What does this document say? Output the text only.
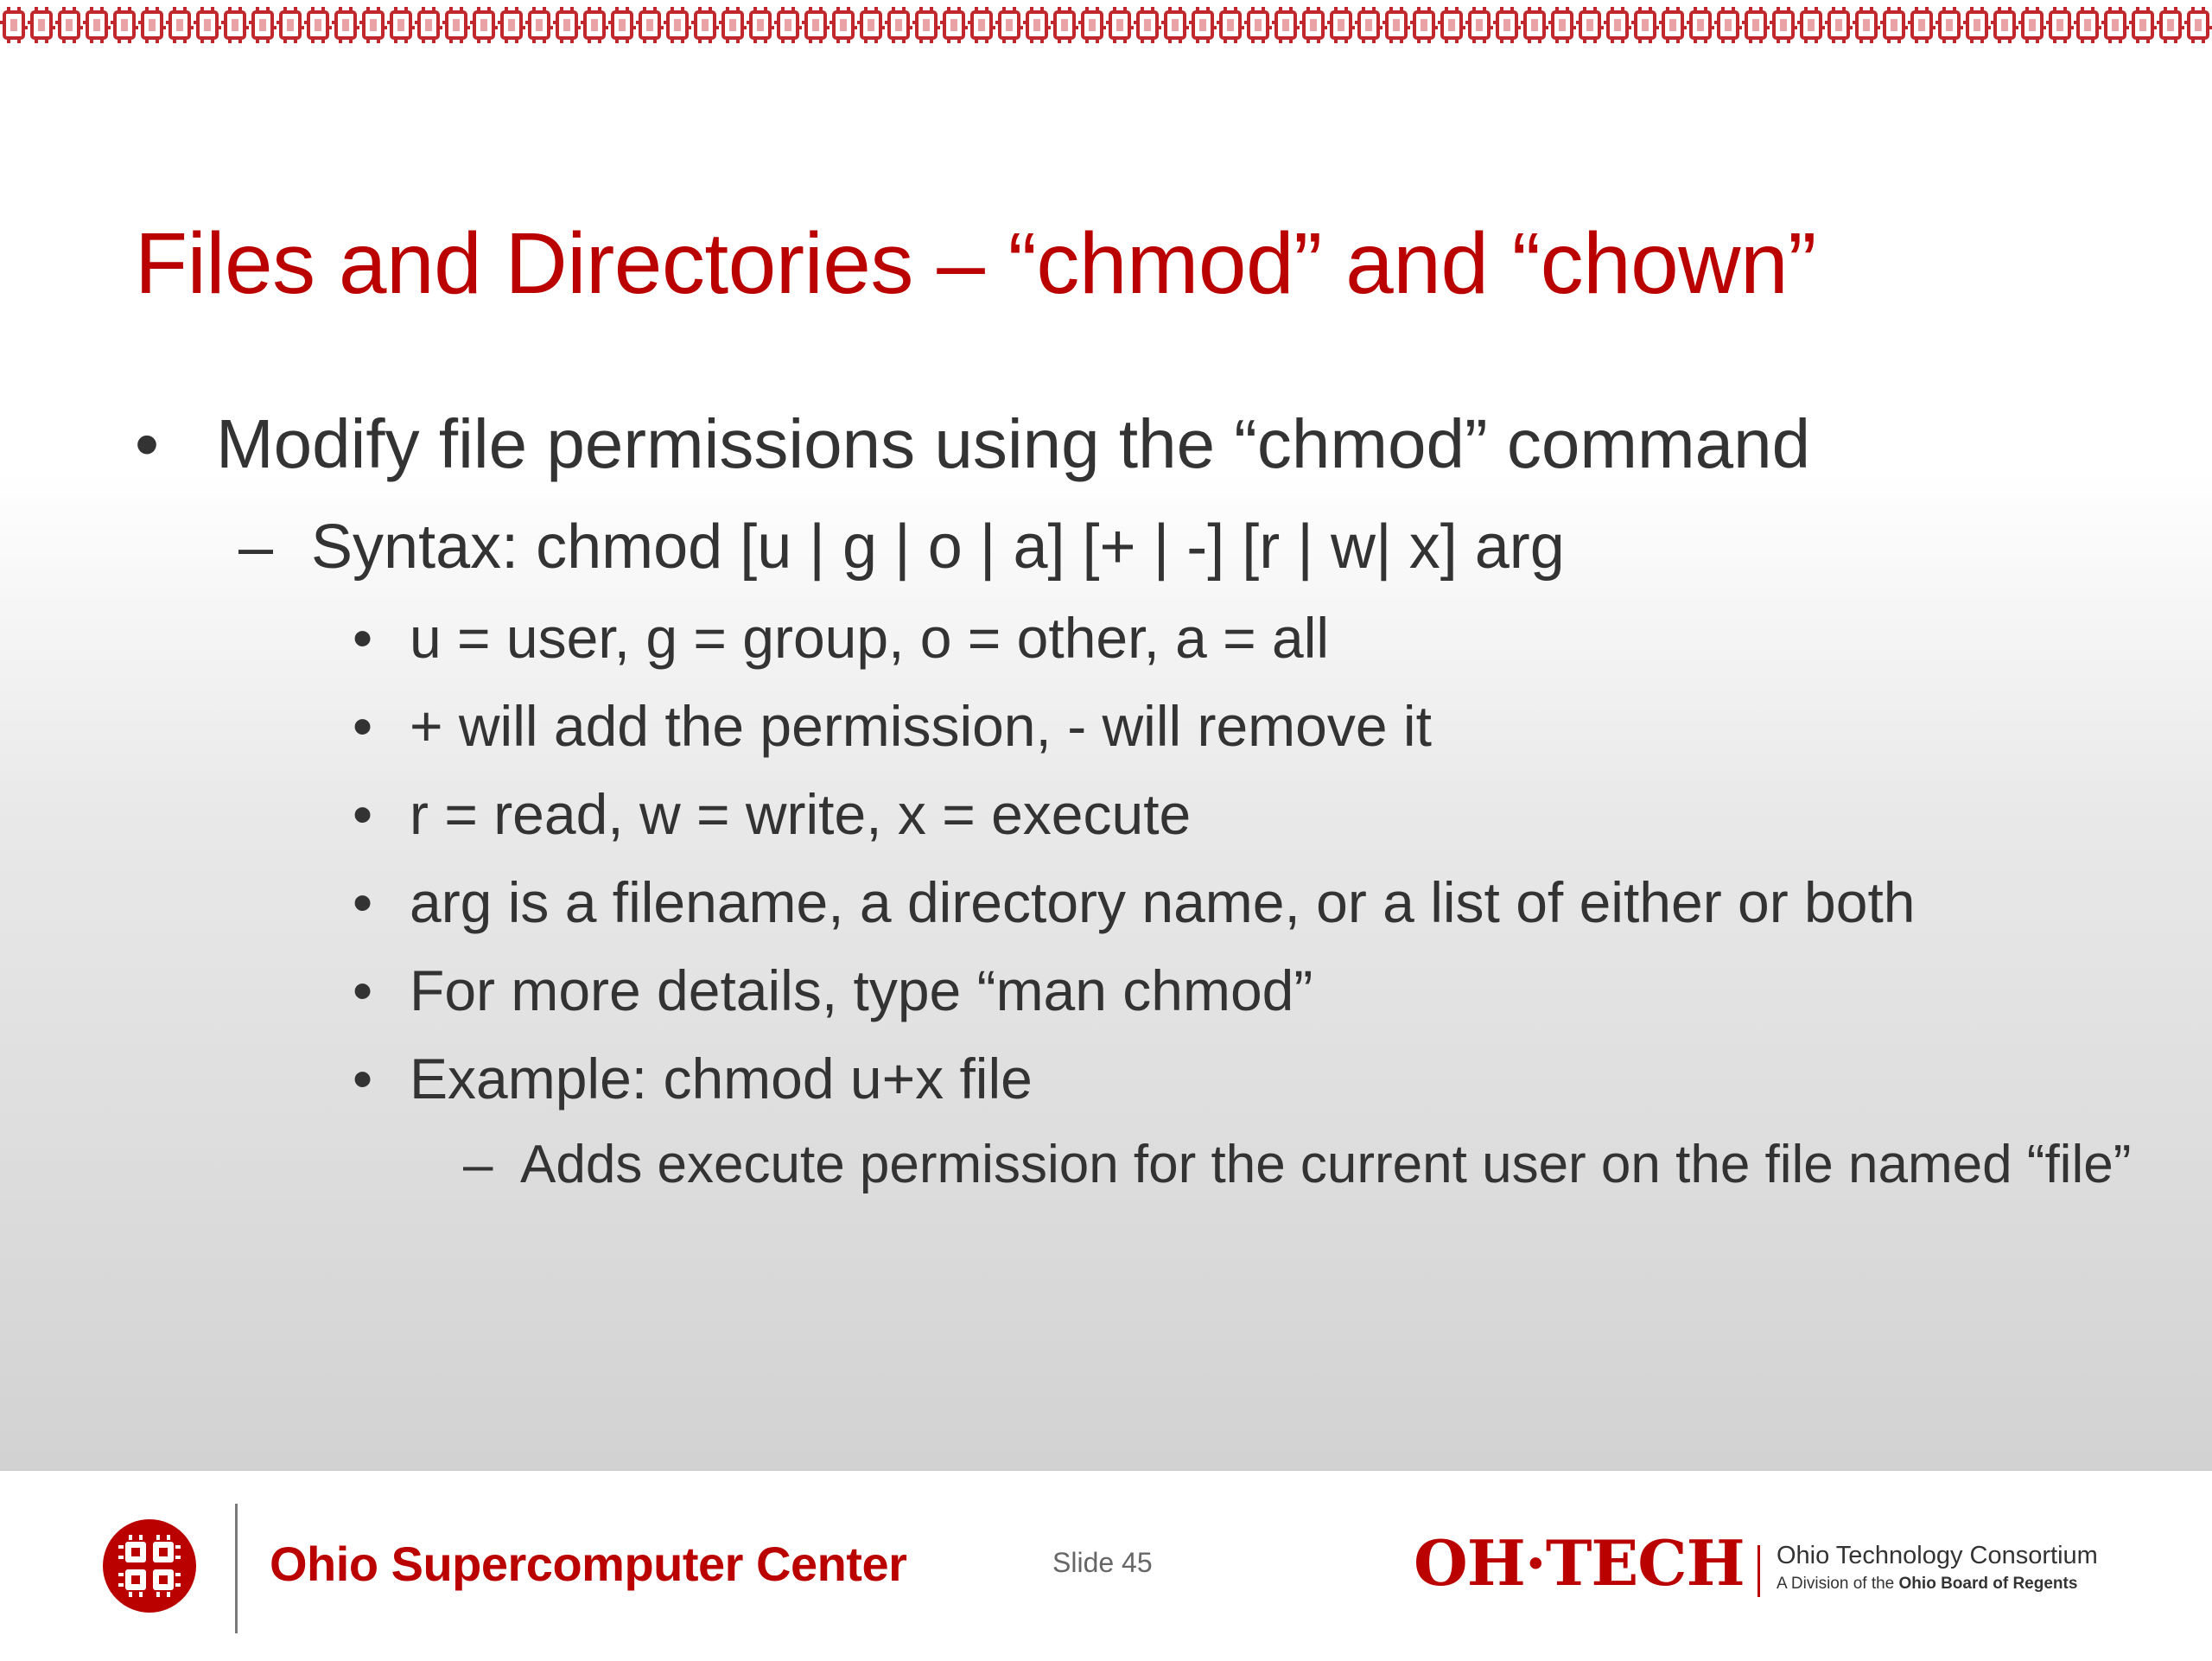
Files and Directories – “chmod” and “chown”
• Modify file permissions using the “chmod” command
– Syntax: chmod [u | g | o | a] [+ | -] [r | w| x] arg
• u = user, g = group, o = other, a = all
• + will add the permission, - will remove it
• r = read, w = write, x = execute
• arg is a filename, a directory name, or a list of either or both
• For more details, type “man chmod”
• Example: chmod u+x file
– Adds execute permission for the current user on the file named “file”
Ohio Supercomputer Center	Slide 45	OH·TECH Ohio Technology Consortium
A Division of the Ohio Board of Regents
